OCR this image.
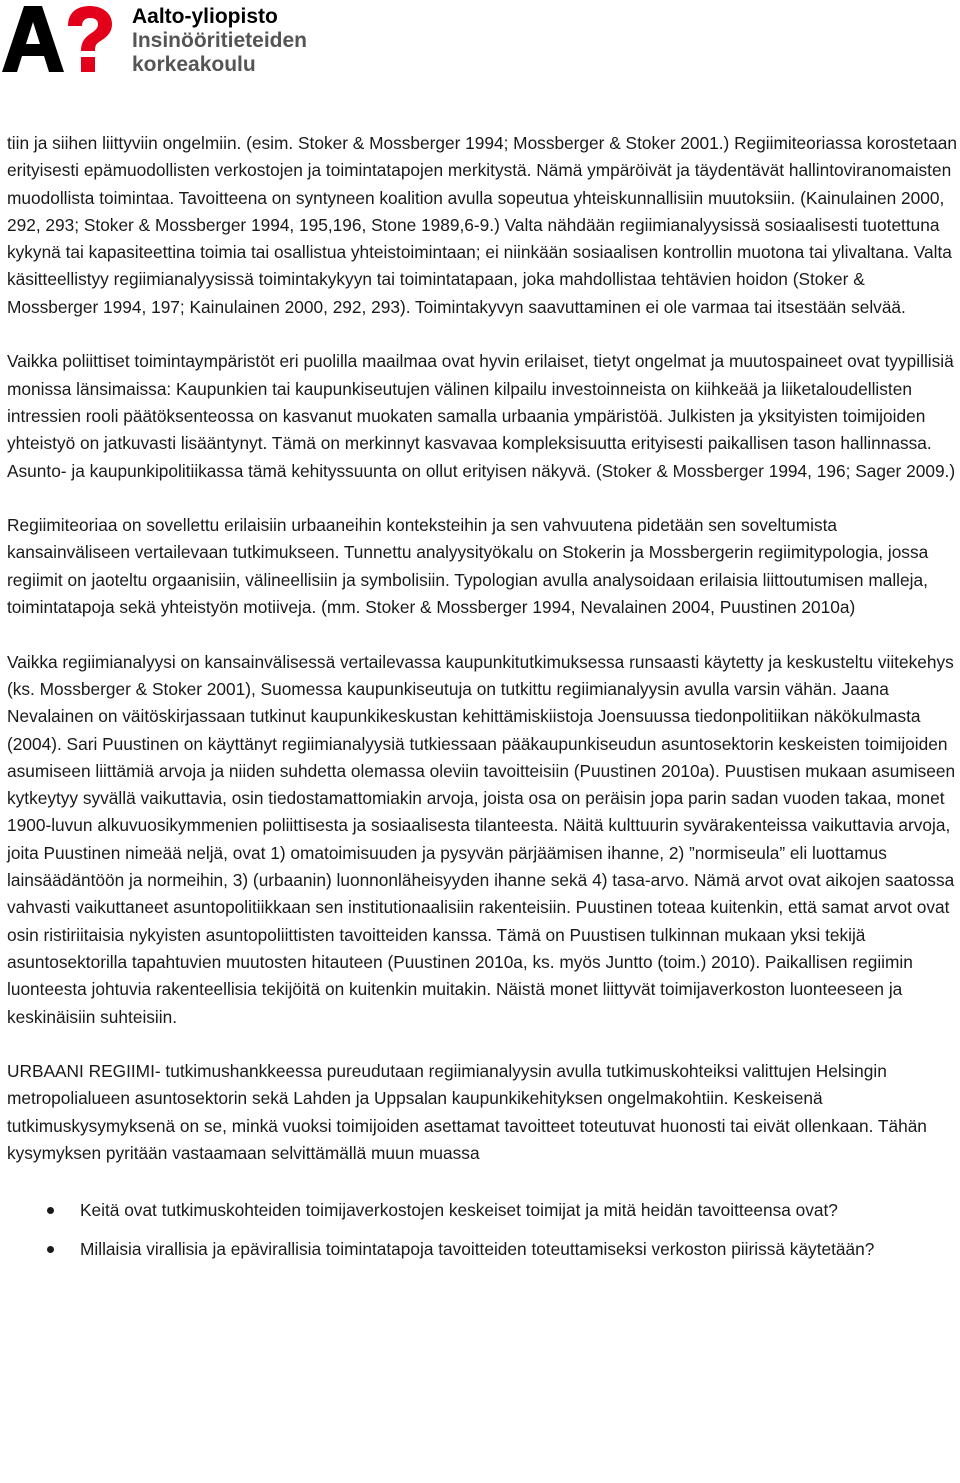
Aalto-yliopisto
Insinööritieteiden
korkeakoulu

tiin ja siihen liittyviin ongelmiin. (esim. Stoker & Mossberger 1994; Mossberger & Stoker 2001.) Regiimiteoriassa korostetaan erityisesti epämuodollisten verkostojen ja toimintatapojen merkitystä. Nämä ympäröivät ja täydentävät hallintoviranomaisten muodollista toimintaa. Tavoitteena on syntyneen koalition avulla sopeutua yhteiskunnallisiin muutoksiin. (Kainulainen 2000, 292, 293; Stoker & Mossberger 1994, 195,196, Stone 1989,6-9.) Valta nähdään regiimianalyysissä sosiaalisesti tuotettuna kykynä tai kapasiteettina toimia tai osallistua yhteistoimintaan; ei niinkään sosiaalisen kontrollin muotona tai ylivaltana. Valta käsitteellistyy regiimianalyysissä toimintakykyyn tai toimintatapaan, joka mahdollistaa tehtävien hoidon (Stoker & Mossberger 1994, 197; Kainulainen 2000, 292, 293). Toimintakyvyn saavuttaminen ei ole varmaa tai itsestään selvää.

Vaikka poliittiset toimintaympäristöt eri puolilla maailmaa ovat hyvin erilaiset, tietyt ongelmat ja muutospaineet ovat tyypillisiä monissa länsimaissa: Kaupunkien tai kaupunkiseutujen välinen kilpailu investoinneista on kiihkeää ja liiketaloudellisten intressien rooli päätöksenteossa on kasvanut muokaten samalla urbaania ympäristöä. Julkisten ja yksityisten toimijoiden yhteistyö on jatkuvasti lisääntynyt. Tämä on merkinnyt kasvavaa kompleksisuutta erityisesti paikallisen tason hallinnassa. Asunto- ja kaupunkipolitiikassa tämä kehityssuunta on ollut erityisen näkyvä. (Stoker & Mossberger 1994, 196; Sager 2009.)

Regiimiteoriaa on sovellettu erilaisiin urbaaneihin konteksteihin ja sen vahvuutena pidetään sen soveltumista kansainväliseen vertailevaan tutkimukseen. Tunnettu analyysityökalu on Stokerin ja Mossbergerin regiimitypologia, jossa regiimit on jaoteltu orgaanisiin, välineellisiin ja symbolisiin. Typologian avulla analysoidaan erilaisia liittoutumisen malleja, toimintatapoja sekä yhteistyön motiiveja. (mm. Stoker & Mossberger 1994, Nevalainen 2004, Puustinen 2010a)

Vaikka regiimianalyysi on kansainvälisessä vertailevassa kaupunkitutkimuksessa runsaasti käytetty ja keskusteltu viitekehys (ks. Mossberger & Stoker 2001), Suomessa kaupunkiseutuja on tutkittu regiimianalyysin avulla varsin vähän. Jaana Nevalainen on väitöskirjassaan tutkinut kaupunkikeskustan kehittämiskiistoja Joensuussa tiedonpolitiikan näkökulmasta (2004). Sari Puustinen on käyttänyt regiimianalyysiä tutkiessaan pääkaupunkiseudun asuntosektorin keskeisten toimijoiden asumiseen liittämiä arvoja ja niiden suhdetta olemassa oleviin tavoitteisiin (Puustinen 2010a). Puustisen mukaan asumiseen kytkeytyy syvällä vaikuttavia, osin tiedostamattomiakin arvoja, joista osa on peräisin jopa parin sadan vuoden takaa, monet 1900-luvun alkuvuosikymmenien poliittisesta ja sosiaalisesta tilanteesta. Näitä kulttuurin syvärakenteissa vaikuttavia arvoja, joita Puustinen nimeää neljä, ovat 1) omatoimisuuden ja pysyvän pärjäämisen ihanne, 2) ”normiseula” eli luottamus lainsäädäntöön ja normeihin, 3) (urbaanin) luonnonläheisyyden ihanne sekä 4) tasa-arvo. Nämä arvot ovat aikojen saatossa vahvasti vaikuttaneet asuntopolitiikkaan sen institutionaalisiin rakenteisiin. Puustinen toteaa kuitenkin, että samat arvot ovat osin ristiriitaisia nykyisten asuntopoliittisten tavoitteiden kanssa. Tämä on Puustisen tulkinnan mukaan yksi tekijä asuntosektorilla tapahtuvien muutosten hitauteen (Puustinen 2010a, ks. myös Juntto (toim.) 2010). Paikallisen regiimin luonteesta johtuvia rakenteellisia tekijöitä on kuitenkin muitakin. Näistä monet liittyvät toimijaverkoston luonteeseen ja keskinäisiin suhteisiin.

URBAANI REGIIMI- tutkimushankkeessa pureudutaan regiimianalyysin avulla tutkimuskohteiksi valittujen Helsingin metropolialueen asuntosektorin sekä Lahden ja Uppsalan kaupunkikehityksen ongelmakohtiin. Keskeisenä tutkimuskysymyksenä on se, minkä vuoksi toimijoiden asettamat tavoitteet toteutuvat huonosti tai eivät ollenkaan. Tähän kysymyksen pyritään vastaamaan selvittämällä muun muassa

Keitä ovat tutkimuskohteiden toimijaverkostojen keskeiset toimijat ja mitä heidän tavoitteensa ovat?
Millaisia virallisia ja epävirallisia toimintatapoja tavoitteiden toteuttamiseksi verkoston piirissä käytetään?
